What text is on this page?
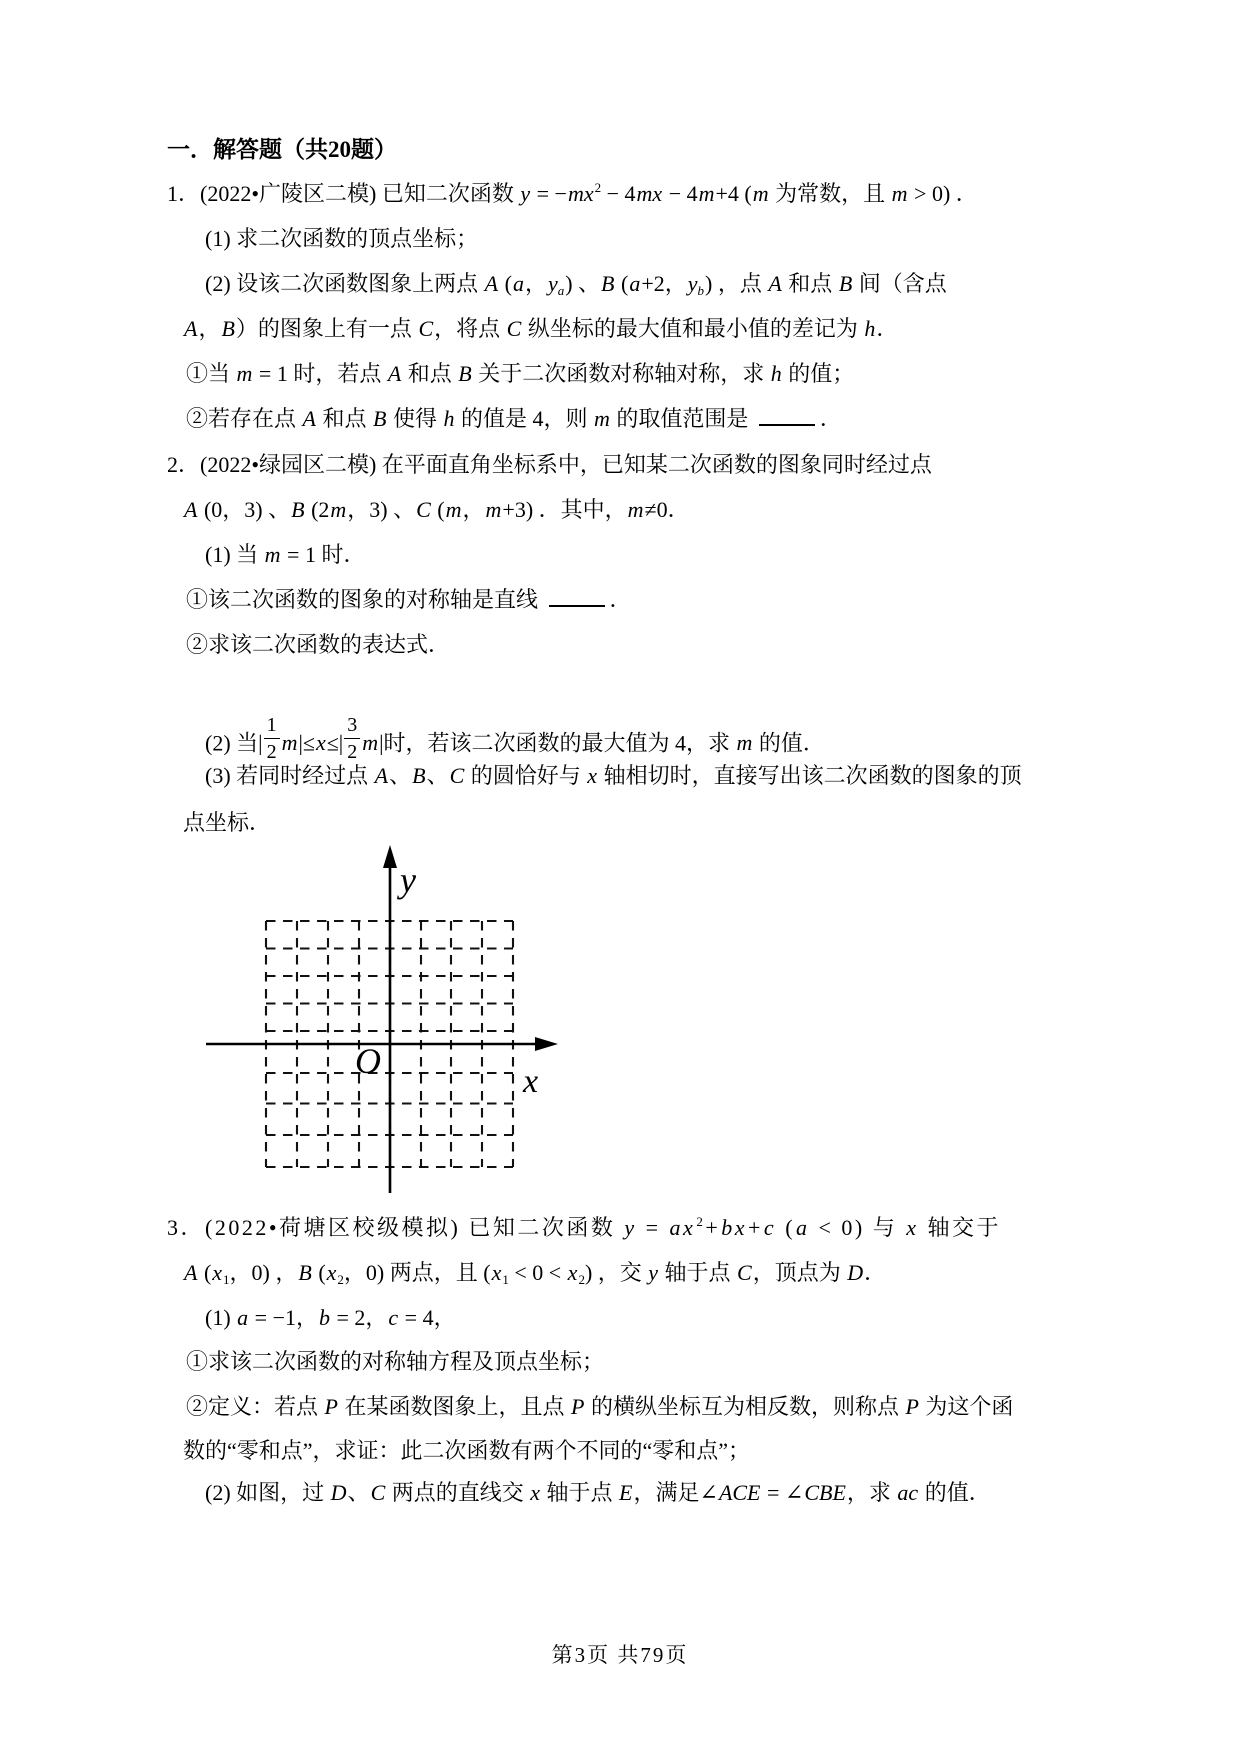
一．解答题（共20题）
1．(2022•广陵区二模) 已知二次函数 $y = -mx^2 - 4mx - 4m+4$ (m 为常数，且 m > 0) ．
(1) 求二次函数的顶点坐标；
(2) 设该二次函数图象上两点 A (a，$y_a$) 、B (a+2，$y_b$) ，点 A 和点 B 间（含点
A，B）的图象上有一点 C，将点 C 纵坐标的最大值和最小值的差记为 h．
①当 m = 1 时，若点 A 和点 B 关于二次函数对称轴对称，求 h 的值；
②若存在点 A 和点 B 使得 h 的值是 4，则 m 的取值范围是	．
2．(2022•绿园区二模) 在平面直角坐标系中，已知某二次函数的图象同时经过点
A (0，3) 、B (2m，3) 、C (m，m+3) ．其中，m≠0．
(1) 当 m = 1 时．
①该二次函数的图象的对称轴是直线	．
②求该二次函数的表达式．
(2) 当| $\frac{1}{2} m|\le x\le| \frac{3}{2} m|$时，若该二次函数的最大值为 4，求 m 的值．
(3) 若同时经过点 A、B、C 的圆恰好与 x 轴相切时，直接写出该二次函数的图象的顶
点坐标．
y
x
O
3．(2022•荷塘区校级模拟) 已知二次函数 $y = ax^2+bx+c$ (a < 0) 与 x 轴交于
A ($x_1$，0) ，B ($x_2$，0) 两点，且 $(x_1 < 0 < x_2)$ ，交 y 轴于点 C，顶点为 D．
(1) a = −1，b = 2，c = 4，
①求该二次函数的对称轴方程及顶点坐标；
②定义：若点 P 在某函数图象上，且点 P 的横纵坐标互为相反数，则称点 P 为这个函
数的“零和点”，求证：此二次函数有两个不同的“零和点”；
(2) 如图，过 D、C 两点的直线交 x 轴于点 E，满足∠ACE = ∠CBE，求 ac 的值．
第3页 共79页
